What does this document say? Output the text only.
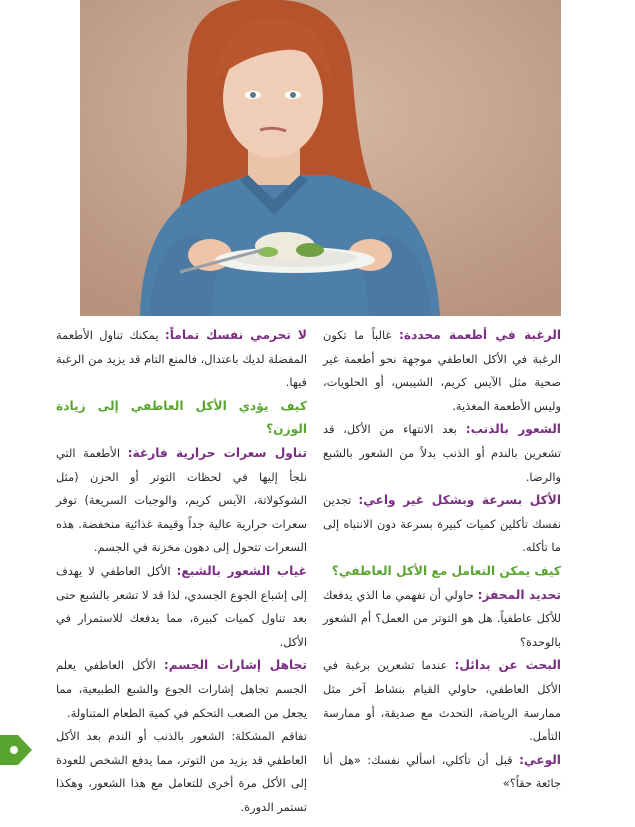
الرغبة في أطعمة محددة: غالباً ما تكون الرغبة في الأكل العاطفي موجهة نحو أطعمة غير صحية مثل الآيس كريم، الشيبس، أو الحلويات، وليس الأطعمة المغذية.

الشعور بالذنب: بعد الانتهاء من الأكل، قد تشعرين بالندم أو الذنب بدلاً من الشعور بالشبع والرضا.

الأكل بسرعة وبشكل غير واعي: تجدين نفسك تأكلين كميات كبيرة بسرعة دون الانتباه إلى ما تأكله.

كيف يمكن التعامل مع الأكل العاطفي؟

تحديد المحفز: حاولي أن تفهمي ما الذي يدفعك للأكل عاطفياً. هل هو التوتر من العمل؟ أم الشعور بالوحدة؟

البحث عن بدائل: عندما تشعرين برغبة في الأكل العاطفي، حاولي القيام بنشاط آخر مثل ممارسة الرياضة، التحدث مع صديقة، أو ممارسة التأمل.

الوعي: قبل أن تأكلي، اسألي نفسك: «هل أنا جائعة حقاً؟»

لا تحرمي نفسك تماماً: يمكنك تناول الأطعمة المفضلة لديك باعتدال، فالمنع التام قد يزيد من الرغبة فيها.

كيف يؤدي الأكل العاطفي إلى زيادة الوزن؟

تناول سعرات حرارية فارغة: الأطعمة التي نلجأ إليها في لحظات التوتر أو الحزن (مثل الشوكولاتة، الآيس كريم، والوجبات السريعة) توفر سعرات حرارية عالية جداً وقيمة غذائية منخفضة. هذه السعرات تتحول إلى دهون مخزنة في الجسم.

غياب الشعور بالشبع: الأكل العاطفي لا يهدف إلى إشباع الجوع الجسدي، لذا قد لا تشعر بالشبع حتى بعد تناول كميات كبيرة، مما يدفعك للاستمرار في الأكل.

تجاهل إشارات الجسم: الأكل العاطفي يعلم الجسم تجاهل إشارات الجوع والشبع الطبيعية، مما يجعل من الصعب التحكم في كمية الطعام المتناولة.

تفاقم المشكلة: الشعور بالذنب أو الندم بعد الأكل العاطفي قد يزيد من التوتر، مما يدفع الشخص للعودة إلى الأكل مرة أخرى للتعامل مع هذا الشعور، وهكذا تستمر الدورة.
